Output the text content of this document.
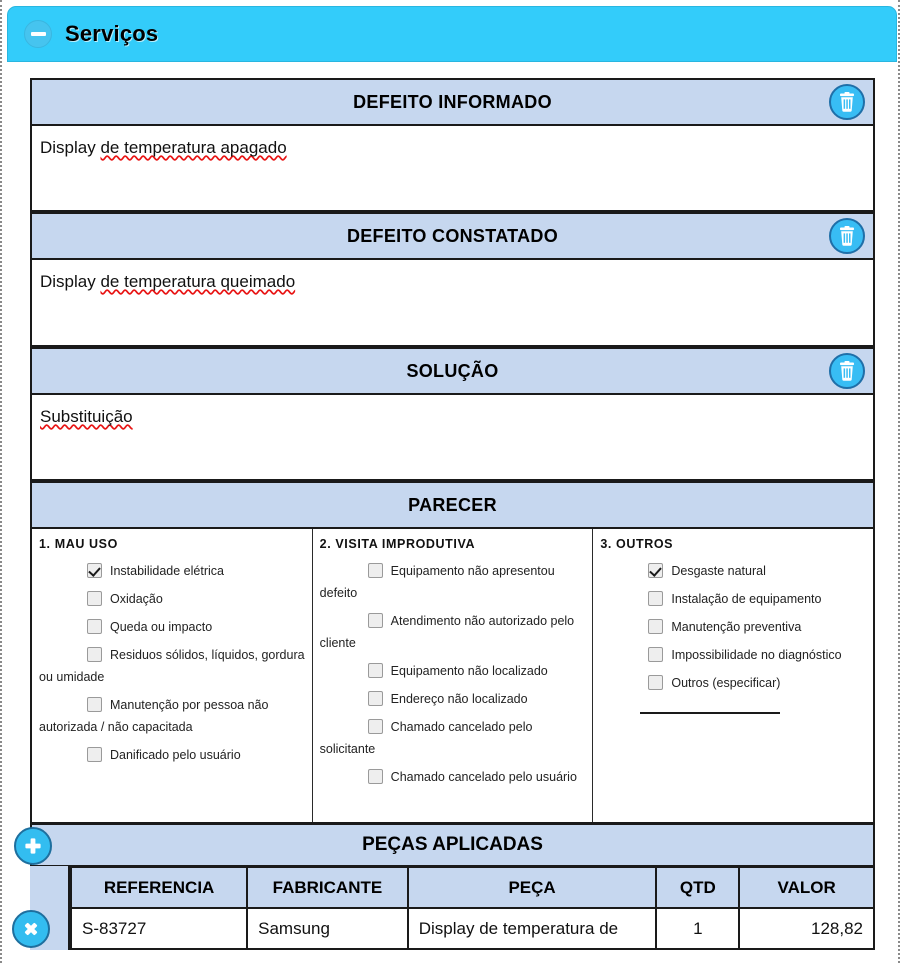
Serviços
DEFEITO INFORMADO
Display de temperatura apagado
DEFEITO CONSTATADO
Display de temperatura queimado
SOLUÇÃO
Substituição
PARECER
1. MAU USO
Instabilidade elétrica
Oxidação
Queda ou impacto
Residuos sólidos, líquidos, gordura ou umidade
Manutenção por pessoa não autorizada / não capacitada
Danificado pelo usuário
2. VISITA IMPRODUTIVA
Equipamento não apresentou defeito
Atendimento não autorizado pelo cliente
Equipamento não localizado
Endereço não localizado
Chamado cancelado pelo solicitante
Chamado cancelado pelo usuário
3. OUTROS
Desgaste natural
Instalação de equipamento
Manutenção preventiva
Impossibilidade no diagnóstico
Outros (especificar)
PEÇAS APLICADAS
REFERENCIA	FABRICANTE	PEÇA	QTD	VALOR
S-83727	Samsung	Display de temperatura de	1	128,82
